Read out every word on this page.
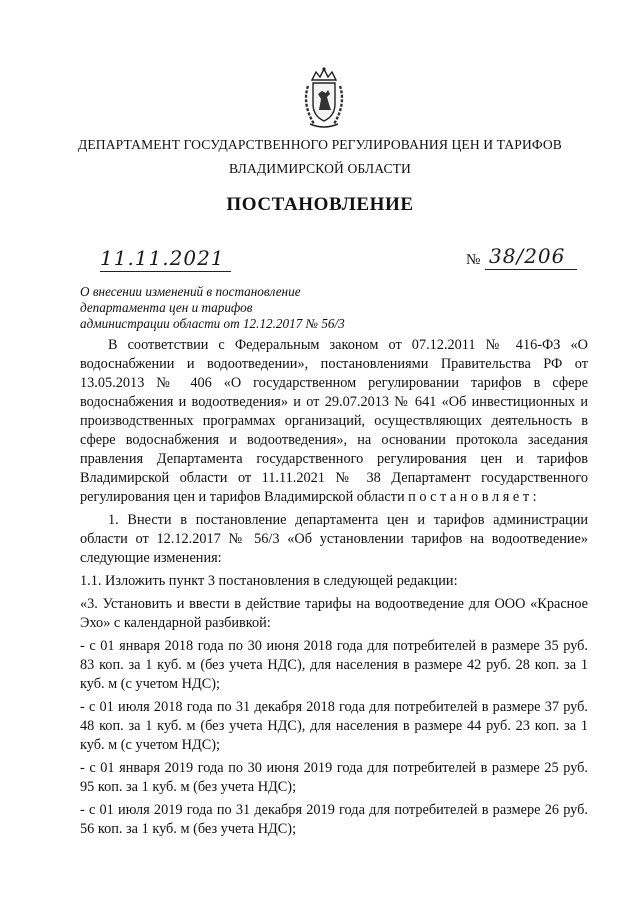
ДЕПАРТАМЕНТ ГОСУДАРСТВЕННОГО РЕГУЛИРОВАНИЯ ЦЕН И ТАРИФОВ
ВЛАДИМИРСКОЙ ОБЛАСТИ
ПОСТАНОВЛЕНИЕ
11.11.2021	№ 38/206
О внесении изменений в постановление
департамента цен и тарифов
администрации области от 12.12.2017 № 56/3

В соответствии с Федеральным законом от 07.12.2011 № 416-ФЗ «О водоснабжении и водоотведении», постановлениями Правительства РФ от 13.05.2013 № 406 «О государственном регулировании тарифов в сфере водоснабжения и водоотведения» и от 29.07.2013 № 641 «Об инвестиционных и производственных программах организаций, осуществляющих деятельность в сфере водоснабжения и водоотведения», на основании протокола заседания правления Департамента государственного регулирования цен и тарифов Владимирской области от 11.11.2021 № 38 Департамент государственного регулирования цен и тарифов Владимирской области п о с т а н о в л я е т :

1. Внести в постановление департамента цен и тарифов администрации области от 12.12.2017 № 56/3 «Об установлении тарифов на водоотведение» следующие изменения:

1.1. Изложить пункт 3 постановления в следующей редакции:

«3. Установить и ввести в действие тарифы на водоотведение для ООО «Красное Эхо» с календарной разбивкой:

- с 01 января 2018 года по 30 июня 2018 года для потребителей в размере 35 руб. 83 коп. за 1 куб. м (без учета НДС), для населения в размере 42 руб. 28 коп. за 1 куб. м (с учетом НДС);

- с 01 июля 2018 года по 31 декабря 2018 года для потребителей в размере 37 руб. 48 коп. за 1 куб. м (без учета НДС), для населения в размере 44 руб. 23 коп. за 1 куб. м (с учетом НДС);

- с 01 января 2019 года по 30 июня 2019 года для потребителей в размере 25 руб. 95 коп. за 1 куб. м (без учета НДС);

- с 01 июля 2019 года по 31 декабря 2019 года для потребителей в размере 26 руб. 56 коп. за 1 куб. м (без учета НДС);
